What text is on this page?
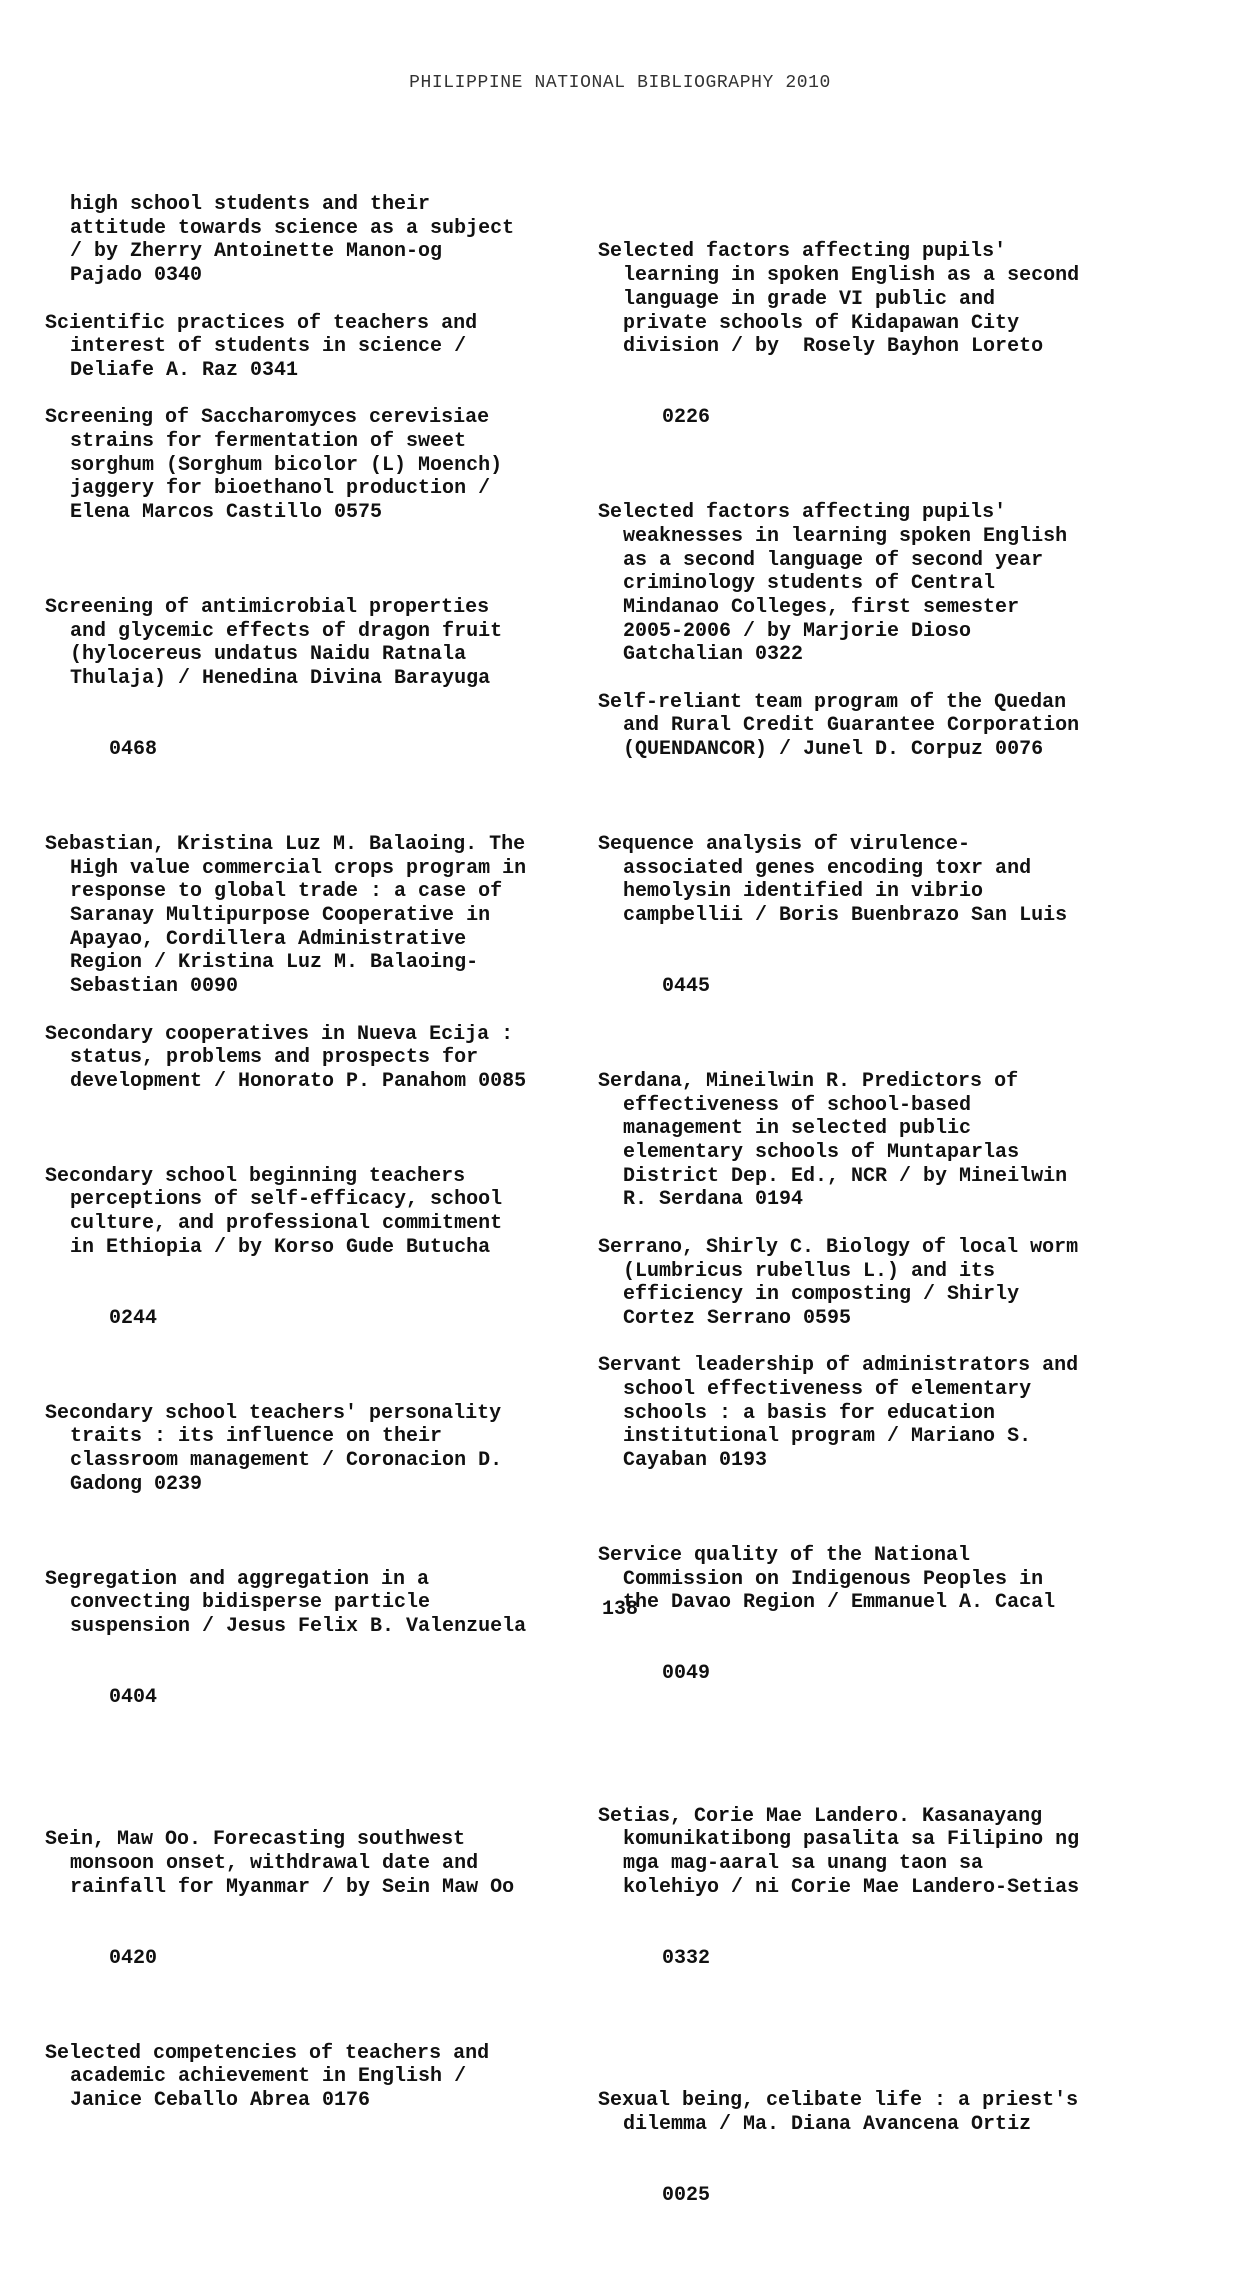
PHILIPPINE NATIONAL BIBLIOGRAPHY 2010
high school students and their
attitude towards science as a subject
/ by Zherry Antoinette Manon-og
Pajado 0340
Scientific practices of teachers and
interest of students in science /
Deliafe A. Raz 0341
Screening of Saccharomyces cerevisiae
strains for fermentation of sweet
sorghum (Sorghum bicolor (L) Moench)
jaggery for bioethanol production /
Elena Marcos Castillo 0575

Screening of antimicrobial properties
and glycemic effects of dragon fruit
(hylocereus undatus Naidu Ratnala
Thulaja) / Henedina Divina Barayuga

0468

Sebastian, Kristina Luz M. Balaoing. The
High value commercial crops program in
response to global trade : a case of
Saranay Multipurpose Cooperative in
Apayao, Cordillera Administrative
Region / Kristina Luz M. Balaoing-
Sebastian 0090
Secondary cooperatives in Nueva Ecija :
status, problems and prospects for
development / Honorato P. Panahom 0085

Secondary school beginning teachers
perceptions of self-efficacy, school
culture, and professional commitment
in Ethiopia / by Korso Gude Butucha

0244

Secondary school teachers' personality
traits : its influence on their
classroom management / Coronacion D.
Gadong 0239

Segregation and aggregation in a
convecting bidisperse particle
suspension / Jesus Felix B. Valenzuela

0404

Sein, Maw Oo. Forecasting southwest
monsoon onset, withdrawal date and
rainfall for Myanmar / by Sein Maw Oo

0420

Selected competencies of teachers and
academic achievement in English /
Janice Ceballo Abrea 0176

Selected factors affecting pupils'
learning in spoken English as a second
language in grade VI public and
private schools of Kidapawan City
division / by  Rosely Bayhon Loreto

0226

Selected factors affecting pupils'
weaknesses in learning spoken English
as a second language of second year
criminology students of Central
Mindanao Colleges, first semester
2005-2006 / by Marjorie Dioso
Gatchalian 0322
Self-reliant team program of the Quedan
and Rural Credit Guarantee Corporation
(QUENDANCOR) / Junel D. Corpuz 0076

Sequence analysis of virulence-
associated genes encoding toxr and
hemolysin identified in vibrio
campbellii / Boris Buenbrazo San Luis

0445

Serdana, Mineilwin R. Predictors of
effectiveness of school-based
management in selected public
elementary schools of Muntaparlas
District Dep. Ed., NCR / by Mineilwin
R. Serdana 0194
Serrano, Shirly C. Biology of local worm
(Lumbricus rubellus L.) and its
efficiency in composting / Shirly
Cortez Serrano 0595
Servant leadership of administrators and
school effectiveness of elementary
schools : a basis for education
institutional program / Mariano S.
Cayaban 0193

Service quality of the National
Commission on Indigenous Peoples in
the Davao Region / Emmanuel A. Cacal

0049

Setias, Corie Mae Landero. Kasanayang
komunikatibong pasalita sa Filipino ng
mga mag-aaral sa unang taon sa
kolehiyo / ni Corie Mae Landero-Setias

0332

Sexual being, celibate life : a priest's
dilemma / Ma. Diana Avancena Ortiz

0025

138
